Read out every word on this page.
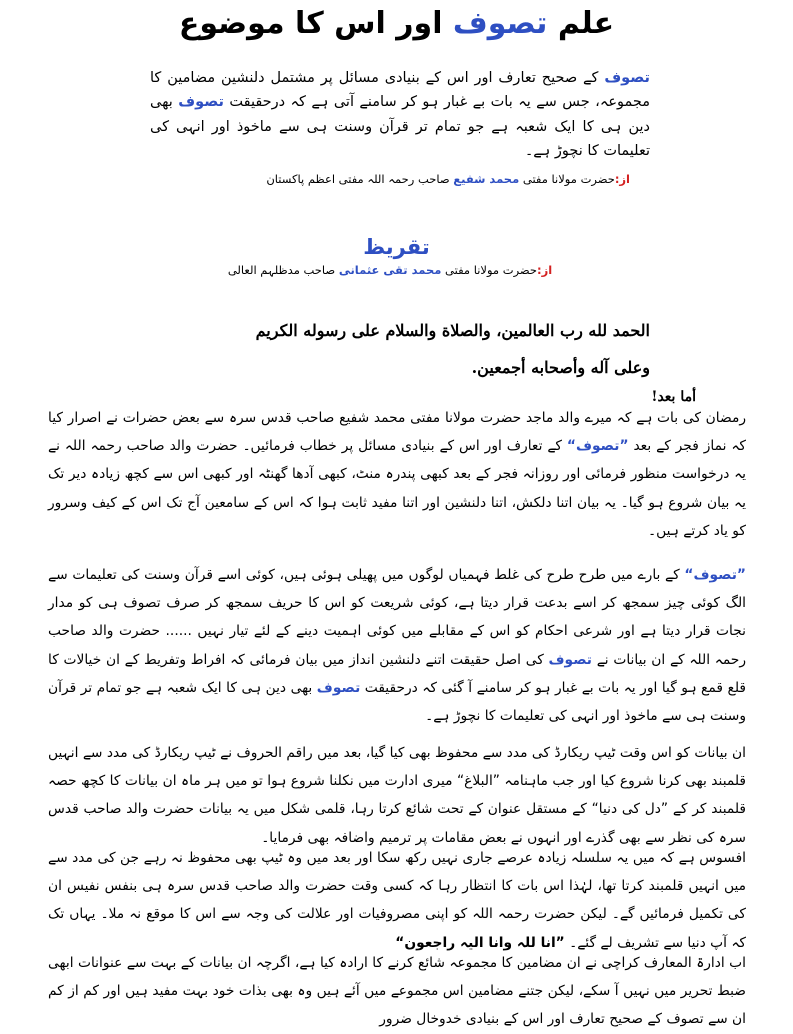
علم تصوف اور اس کا موضوع
تصوف کے صحیح تعارف اور اس کے بنیادی مسائل پر مشتمل دلنشین مضامین کا مجموعہ، جس سے یہ بات بے غبار ہو کر سامنے آتی ہے کہ درحقیقت تصوف بھی دین ہی کا ایک شعبہ ہے جو تمام تر قرآن وسنت ہی سے ماخوذ اور انہی کی تعلیمات کا نچوڑ ہے۔
از:حضرت مولانا مفتی محمد شفیع صاحب رحمہ اللہ مفتی اعظم پاکستان
تقریظ
از:حضرت مولانا مفتی محمد تقی عثمانی صاحب مدظلہم العالی
الحمد لله رب العالمين، والصلاة والسلام علی رسوله الكريم
وعلی آله وأصحابه أجمعين.
أما بعد!
رمضان کی بات ہے کہ میرے والد ماجد حضرت مولانا مفتی محمد شفیع صاحب قدس سرہ سے بعض حضرات نے اصرار کیا کہ نماز فجر کے بعد ”تصوف“ کے تعارف اور اس کے بنیادی مسائل پر خطاب فرمائیں۔ حضرت والد صاحب رحمہ اللہ نے یہ درخواست منظور فرمائی اور روزانہ فجر کے بعد کبھی پندرہ منٹ، کبھی آدھا گھنٹہ اور کبھی اس سے کچھ زیادہ دیر تک یہ بیان شروع ہو گیا۔ یہ بیان اتنا دلکش، اتنا دلنشین اور اتنا مفید ثابت ہوا کہ اس کے سامعین آج تک اس کے کیف وسرور کو یاد کرتے ہیں۔
”تصوف“ کے بارے میں طرح طرح کی غلط فہمیاں لوگوں میں پھیلی ہوئی ہیں، کوئی اسے قرآن وسنت کی تعلیمات سے الگ کوئی چیز سمجھ کر اسے بدعت قرار دیتا ہے، کوئی شریعت کو اس کا حریف سمجھ کر صرف تصوف ہی کو مدار نجات قرار دیتا ہے اور شرعی احکام کو اس کے مقابلے میں کوئی اہمیت دینے کے لئے تیار نہیں ...... حضرت والد صاحب رحمہ اللہ کے ان بیانات نے تصوف کی اصل حقیقت اتنے دلنشین انداز میں بیان فرمائی کہ افراط وتفریط کے ان خیالات کا قلع قمع ہو گیا اور یہ بات بے غبار ہو کر سامنے آ گئی کہ درحقیقت تصوف بھی دین ہی کا ایک شعبہ ہے جو تمام تر قرآن وسنت ہی سے ماخوذ اور انہی کی تعلیمات کا نچوڑ ہے۔
ان بیانات کو اس وقت ٹیپ ریکارڈ کی مدد سے محفوظ بھی کیا گیا، بعد میں راقم الحروف نے ٹیپ ریکارڈ کی مدد سے انہیں قلمبند بھی کرنا شروع کیا اور جب ماہنامہ ”البلاغ“ میری ادارت میں نکلنا شروع ہوا تو میں ہر ماہ ان بیانات کا کچھ حصہ قلمبند کر کے ”دل کی دنیا“ کے مستقل عنوان کے تحت شائع کرتا رہا، قلمی شکل میں یہ بیانات حضرت والد صاحب قدس سرہ کی نظر سے بھی گذرے اور انہوں نے بعض مقامات پر ترمیم واضافہ بھی فرمایا۔
افسوس ہے کہ میں یہ سلسلہ زیادہ عرصے جاری نہیں رکھ سکا اور بعد میں وہ ٹیپ بھی محفوظ نہ رہے جن کی مدد سے میں انہیں قلمبند کرتا تھا، لہٰذا اس بات کا انتظار رہا کہ کسی وقت حضرت والد صاحب قدس سرہ ہی بنفس نفیس ان کی تکمیل فرمائیں گے۔ لیکن حضرت رحمہ اللہ کو اپنی مصروفیات اور علالت کی وجہ سے اس کا موقع نہ ملا۔ یہاں تک کہ آپ دنیا سے تشریف لے گئے۔ ”انا للہ وانا الیہ راجعون“
اب ادارۃ المعارف کراچی نے ان مضامین کا مجموعہ شائع کرنے کا ارادہ کیا ہے، اگرچہ ان بیانات کے بہت سے عنوانات ابھی ضبط تحریر میں نہیں آ سکے، لیکن جتنے مضامین اس مجموعے میں آئے ہیں وہ بھی بذات خود بہت مفید ہیں اور کم از کم ان سے تصوف کے صحیح تعارف اور اس کے بنیادی خدوخال ضرور
